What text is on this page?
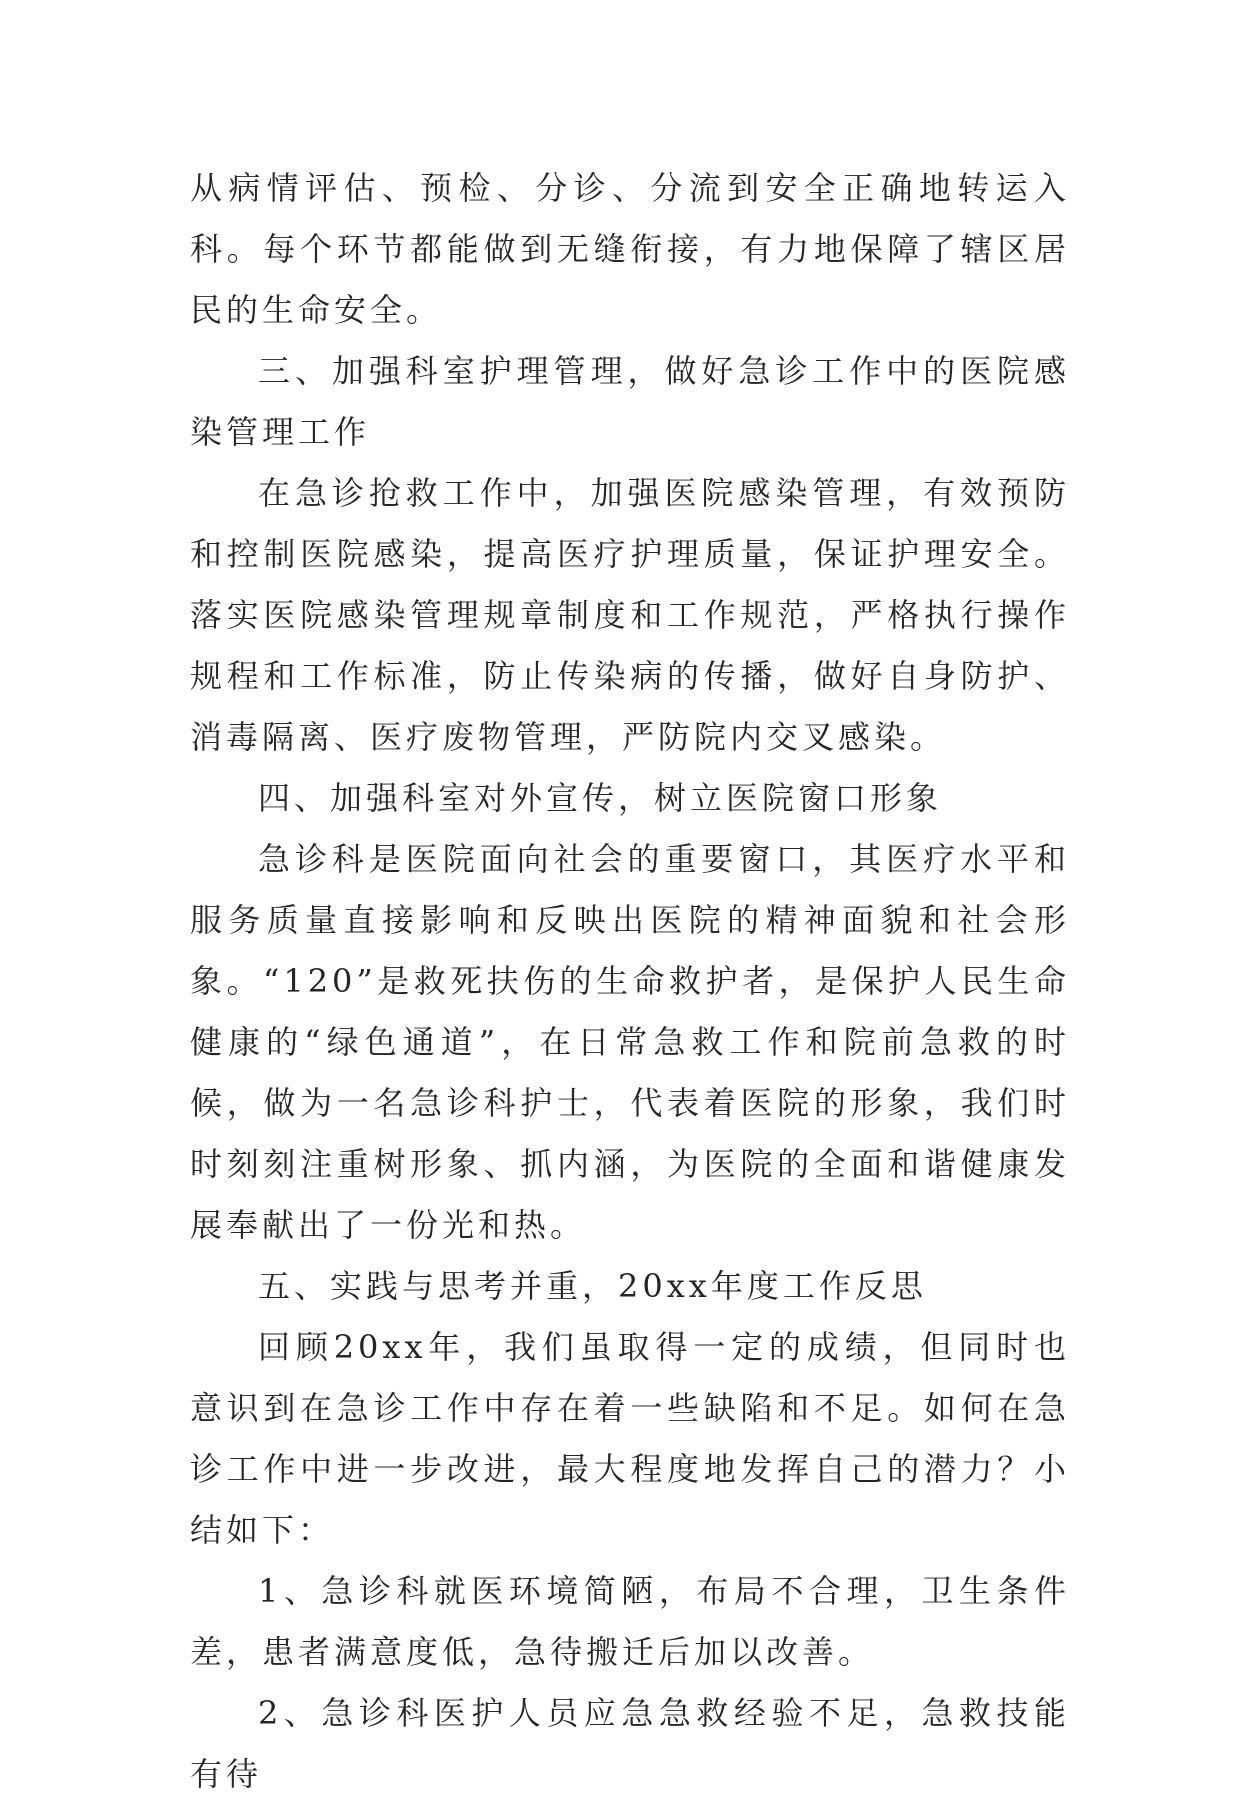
从病情评估、预检、分诊、分流到安全正确地转运入科。每个环节都能做到无缝衔接，有力地保障了辖区居民的生命安全。

三、加强科室护理管理，做好急诊工作中的医院感染管理工作

在急诊抢救工作中，加强医院感染管理，有效预防和控制医院感染，提高医疗护理质量，保证护理安全。落实医院感染管理规章制度和工作规范，严格执行操作规程和工作标准，防止传染病的传播，做好自身防护、消毒隔离、医疗废物管理，严防院内交叉感染。

四、加强科室对外宣传，树立医院窗口形象

急诊科是医院面向社会的重要窗口，其医疗水平和服务质量直接影响和反映出医院的精神面貌和社会形象。“120”是救死扶伤的生命救护者，是保护人民生命健康的“绿色通道”，在日常急救工作和院前急救的时候，做为一名急诊科护士，代表着医院的形象，我们时时刻刻注重树形象、抓内涵，为医院的全面和谐健康发展奉献出了一份光和热。

五、实践与思考并重，20xx年度工作反思

回顾20xx年，我们虽取得一定的成绩，但同时也意识到在急诊工作中存在着一些缺陷和不足。如何在急诊工作中进一步改进，最大程度地发挥自己的潜力？小结如下：

1、急诊科就医环境简陋，布局不合理，卫生条件差，患者满意度低，急待搬迁后加以改善。

2、急诊科医护人员应急急救经验不足，急救技能有待
